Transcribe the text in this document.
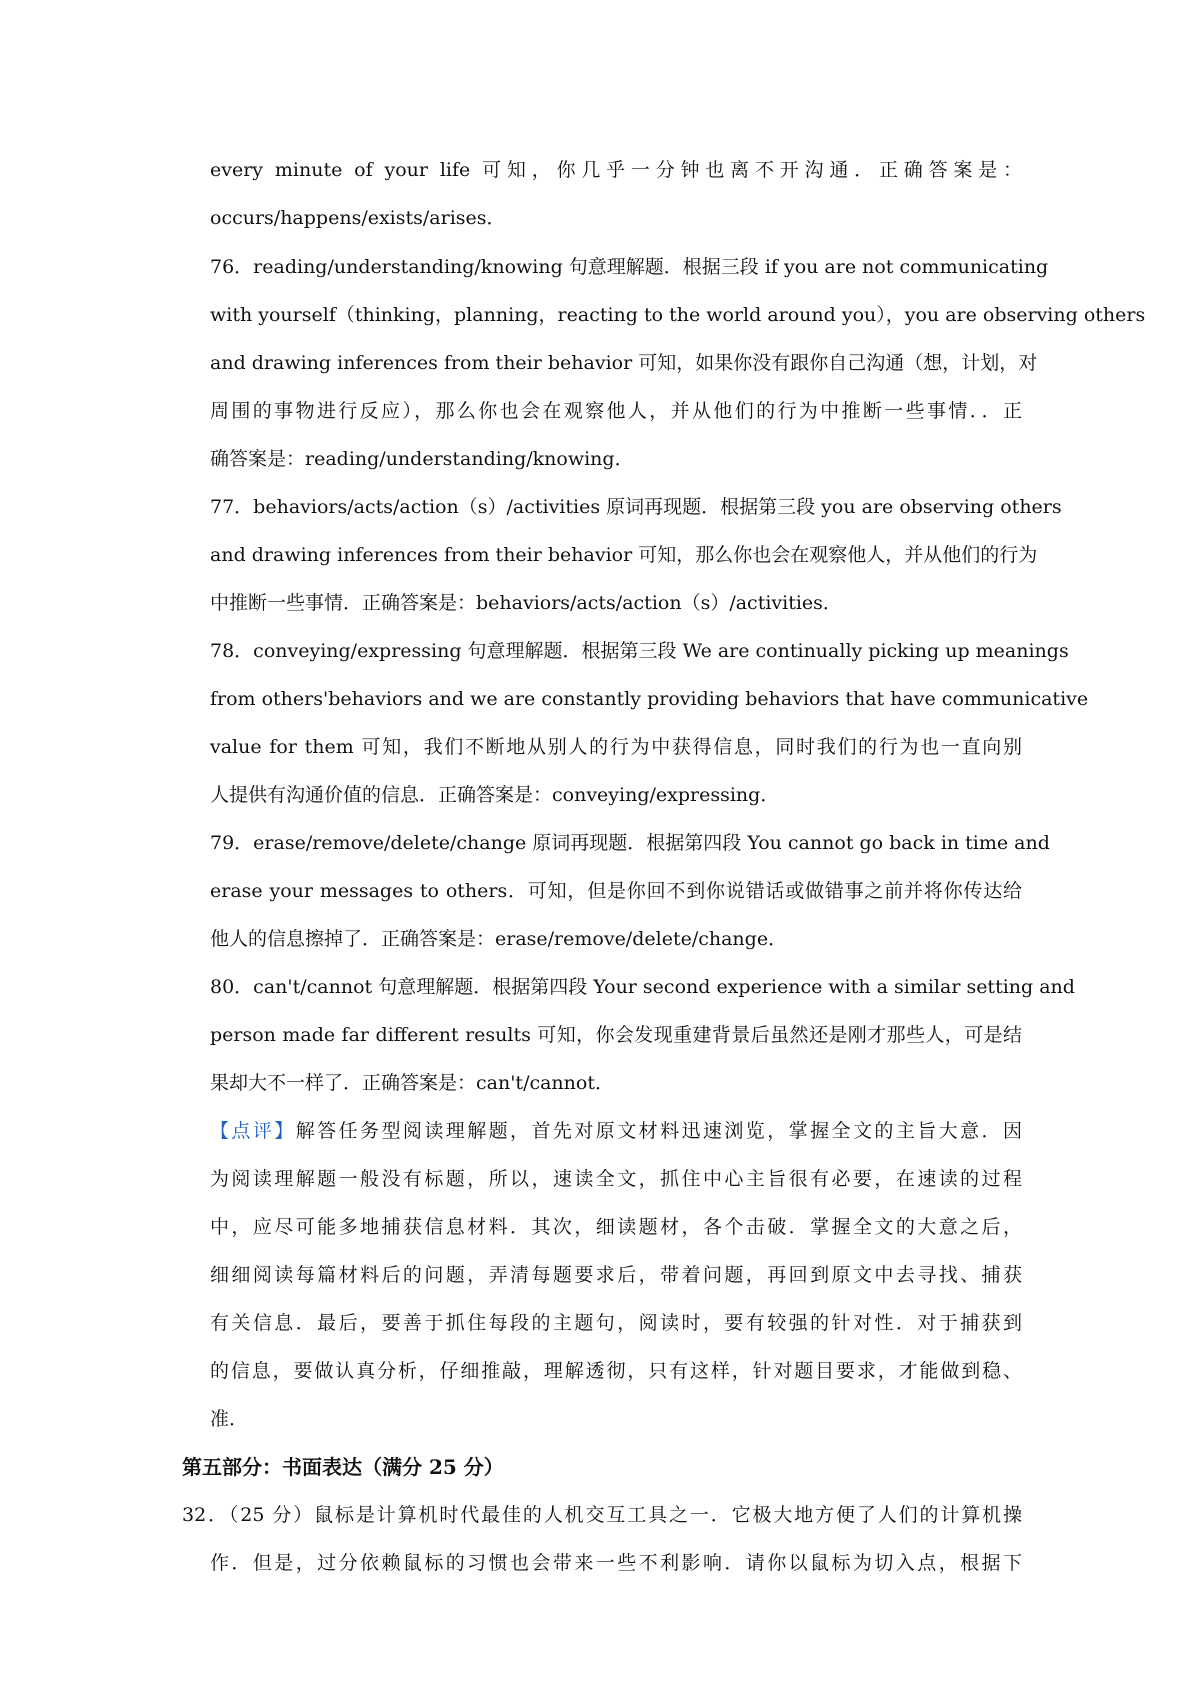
every minute of your life 可知，你几乎一分钟也离不开沟通．正确答案是：
occurs/happens/exists/arises．
76．reading/understanding/knowing 句意理解题．根据三段 if you are not communicating
with yourself（thinking，planning，reacting to the world around you），you are observing others
and drawing inferences from their behavior 可知，如果你没有跟你自己沟通（想，计划，对
周围的事物进行反应），那么你也会在观察他人，并从他们的行为中推断一些事情．．正
确答案是：reading/understanding/knowing．
77．behaviors/acts/action（s）/activities 原词再现题．根据第三段 you are observing others
and drawing inferences from their behavior 可知，那么你也会在观察他人，并从他们的行为
中推断一些事情．正确答案是：behaviors/acts/action（s）/activities．
78．conveying/expressing 句意理解题．根据第三段 We are continually picking up meanings
from others'behaviors and we are constantly providing behaviors that have communicative
value for them 可知，我们不断地从别人的行为中获得信息，同时我们的行为也一直向别
人提供有沟通价值的信息．正确答案是：conveying/expressing．
79．erase/remove/delete/change 原词再现题．根据第四段 You cannot go back in time and
erase your messages to others．可知，但是你回不到你说错话或做错事之前并将你传达给
他人的信息擦掉了．正确答案是：erase/remove/delete/change．
80．can't/cannot 句意理解题．根据第四段 Your second experience with a similar setting and
person made far different results 可知，你会发现重建背景后虽然还是刚才那些人，可是结
果却大不一样了．正确答案是：can't/cannot．
【点评】解答任务型阅读理解题，首先对原文材料迅速浏览，掌握全文的主旨大意．因
为阅读理解题一般没有标题，所以，速读全文，抓住中心主旨很有必要，在速读的过程
中，应尽可能多地捕获信息材料．其次，细读题材，各个击破．掌握全文的大意之后，
细细阅读每篇材料后的问题，弄清每题要求后，带着问题，再回到原文中去寻找、捕获
有关信息．最后，要善于抓住每段的主题句，阅读时，要有较强的针对性．对于捕获到
的信息，要做认真分析，仔细推敲，理解透彻，只有这样，针对题目要求，才能做到稳、
准．
第五部分：书面表达（满分 25 分）
32．（25 分）鼠标是计算机时代最佳的人机交互工具之一．它极大地方便了人们的计算机操
作．但是，过分依赖鼠标的习惯也会带来一些不利影响．请你以鼠标为切入点，根据下
